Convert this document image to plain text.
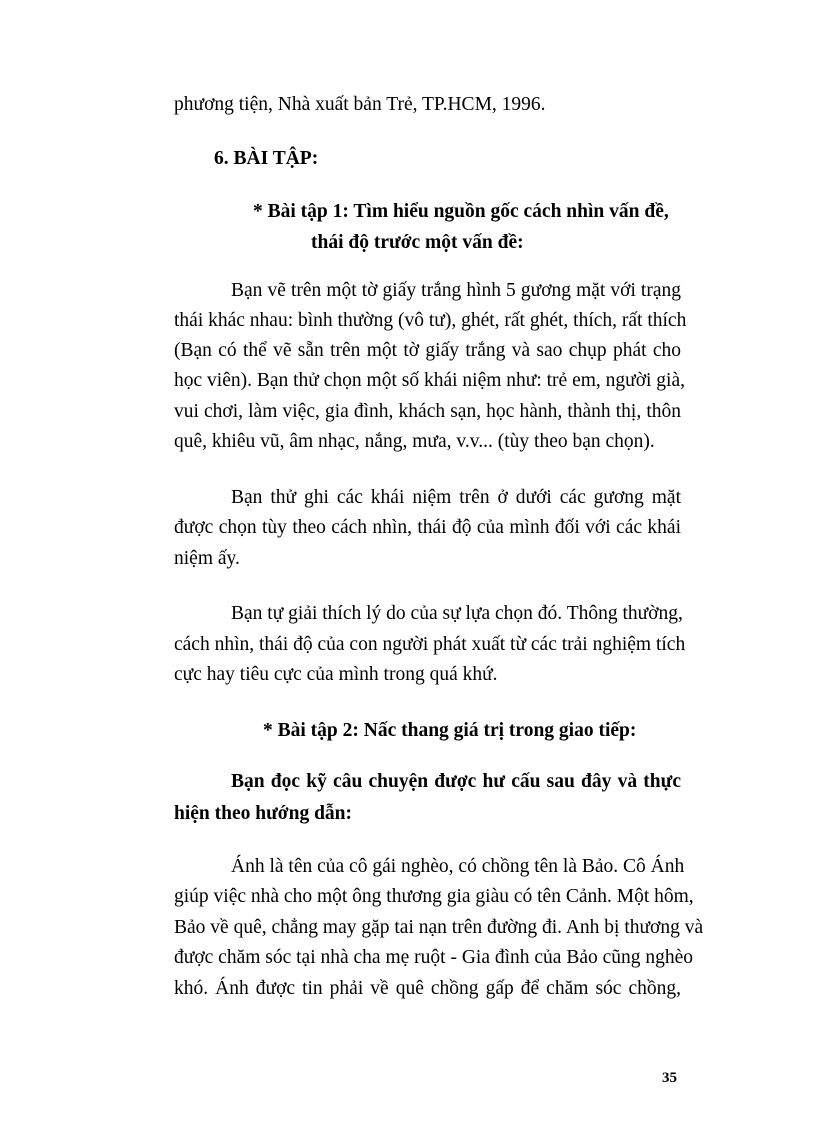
phương tiện, Nhà xuất bản Trẻ, TP.HCM, 1996.
6. BÀI TẬP:
* Bài tập 1: Tìm hiểu nguồn gốc cách nhìn vấn đề,
thái độ trước một vấn đề:
Bạn vẽ trên một tờ giấy trắng hình 5 gương mặt với trạng
thái khác nhau: bình thường (vô tư), ghét, rất ghét, thích, rất thích
(Bạn có thể vẽ sẵn trên một tờ giấy trắng và sao chụp phát cho
học viên). Bạn thử chọn một số khái niệm như: trẻ em, người già,
vui chơi, làm việc, gia đình, khách sạn, học hành, thành thị, thôn
quê, khiêu vũ, âm nhạc, nắng, mưa, v.v... (tùy theo bạn chọn).
Bạn thử ghi các khái niệm trên ở dưới các gương mặt
được chọn tùy theo cách nhìn, thái độ của mình đối với các khái
niệm ấy.
Bạn tự giải thích lý do của sự lựa chọn đó. Thông thường,
cách nhìn, thái độ của con người phát xuất từ các trải nghiệm tích
cực hay tiêu cực của mình trong quá khứ.
* Bài tập 2: Nấc thang giá trị trong giao tiếp:
Bạn đọc kỹ câu chuyện được hư cấu sau đây và thực
hiện theo hướng dẫn:
Ánh là tên của cô gái nghèo, có chồng tên là Bảo. Cô Ánh
giúp việc nhà cho một ông thương gia giàu có tên Cảnh. Một hôm,
Bảo về quê, chẳng may gặp tai nạn trên đường đi. Anh bị thương và
được chăm sóc tại nhà cha mẹ ruột - Gia đình của Bảo cũng nghèo
khó. Ánh được tin phải về quê chồng gấp để chăm sóc chồng,
35
